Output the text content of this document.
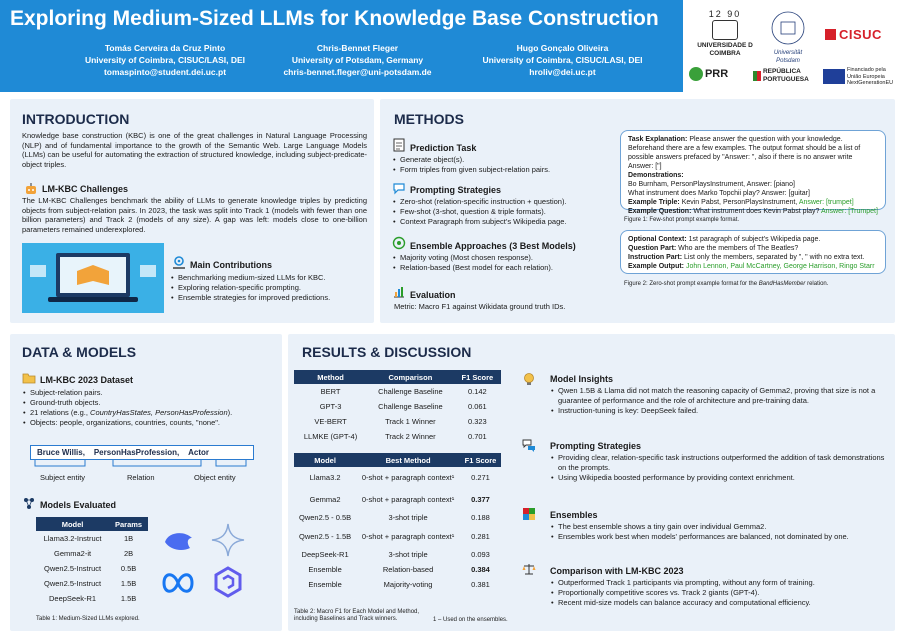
Exploring Medium-Sized LLMs for Knowledge Base Construction
Tomás Cerveira da Cruz Pinto
University of Coimbra, CISUC/LASI, DEI
tomaspinto@student.dei.uc.pt
Chris-Bennet Fleger
University of Potsdam, Germany
chris-bennet.fleger@uni-potsdam.de
Hugo Gonçalo Oliveira
University of Coimbra, CISUC/LASI, DEI
hroliv@dei.uc.pt
12 90
UNIVERSIDADE D COIMBRA	Universität Potsdam
CISUC
PRR	REPÚBLICA PORTUGUESA
Financiado pela União Europeia NextGenerationEU
INTRODUCTION
Knowledge base construction (KBC) is one of the great challenges in Natural Language Processing (NLP) and of fundamental importance to the growth of the Semantic Web. Large Language Models (LLMs) can be useful for automating the extraction of structured knowledge, including subject-predicate-object triples.
LM-KBC Challenges
The LM-KBC Challenges benchmark the ability of LLMs to generate knowledge triples by predicting objects from subject-relation pairs. In 2023, the task was split into Track 1 (models with fewer than one billion parameters) and Track 2 (models of any size). A gap was left: models close to one-billion parameters remained underexplored.
Main Contributions
• Benchmarking medium-sized LLMs for KBC.
• Exploring relation-specific prompting.
• Ensemble strategies for improved predictions.
METHODS
Prediction Task
• Generate object(s).
• Form triples from given subject-relation pairs.
Prompting Strategies
• Zero-shot (relation-specific instruction + question).
• Few-shot (3-shot, question & triple formats).
• Context Paragraph from subject's Wikipedia page.
Ensemble Approaches (3 Best Models)
• Majority voting (Most chosen response).
• Relation-based (Best model for each relation).
Evaluation
Metric: Macro F1 against Wikidata ground truth IDs.
Task Explanation: Please answer the question with your knowledge. Beforehand there are a few examples. The output format should be a list of possible answers prefaced by "Answer: ", also if there is no answer write Answer: ["]
Demonstrations:
Bo Burnham, PersonPlaysInstrument, Answer: [piano]
What instrument does Marko Topchii play? Answer: [guitar]
Example Triple: Kevin Pabst, PersonPlaysInstrument, Answer: [trumpet]
Example Question: What instrument does Kevin Pabst play? Answer: [Trumpet]
Figure 1: Few-shot prompt example format.
Optional Context: 1st paragraph of subject's Wikipedia page.
Question Part: Who are the members of The Beatles?
Instruction Part: List only the members, separated by ", " with no extra text.
Example Output: John Lennon, Paul McCartney, George Harrison, Ringo Starr
Figure 2: Zero-shot prompt example format for the BandHasMember relation.
DATA & MODELS
LM-KBC 2023 Dataset
• Subject-relation pairs.
• Ground-truth objects.
• 21 relations (e.g., CountryHasStates, PersonHasProfession).
• Objects: people, organizations, countries, counts, "none".
Bruce Willis, PersonHasProfession, Actor
Subject entity	Relation	Object entity
Models Evaluated
Model	Params
Llama3.2-Instruct	1B
Gemma2-it	2B
Qwen2.5-Instruct	0.5B
Qwen2.5-Instruct	1.5B
DeepSeek-R1	1.5B
Table 1: Medium-Sized LLMs explored.
RESULTS & DISCUSSION
Method	Comparison	F1 Score
BERT	Challenge Baseline	0.142
GPT-3	Challenge Baseline	0.061
VE-BERT	Track 1 Winner	0.323
LLMKE (GPT-4)	Track 2 Winner	0.701
Model	Best Method	F1 Score
Llama3.2	0-shot + paragraph context¹	0.271
Gemma2	0-shot + paragraph context¹	0.377
Qwen2.5 - 0.5B	3-shot triple	0.188
Qwen2.5 - 1.5B	0-shot + paragraph context¹	0.281
DeepSeek-R1	3-shot triple	0.093
Ensemble	Relation-based	0.384
Ensemble	Majority-voting	0.381
Table 2: Macro F1 for Each Model and Method, including Baselines and Track winners.	1 – Used on the ensembles.
Model Insights
• Qwen 1.5B & Llama did not match the reasoning capacity of Gemma2, proving that size is not a guarantee of performance and the role of architecture and pre-training data.
• Instruction-tuning is key: DeepSeek failed.
Prompting Strategies
• Providing clear, relation-specific task instructions outperformed the addition of task demonstrations on the prompts.
• Using Wikipedia boosted performance by providing context enrichment.
Ensembles
• The best ensemble shows a tiny gain over individual Gemma2.
• Ensembles work best when models' performances are balanced, not dominated by one.
Comparison with LM-KBC 2023
• Outperformed Track 1 participants via prompting, without any form of training.
• Proportionally competitive scores vs. Track 2 giants (GPT-4).
• Recent mid-size models can balance accuracy and computational efficiency.
